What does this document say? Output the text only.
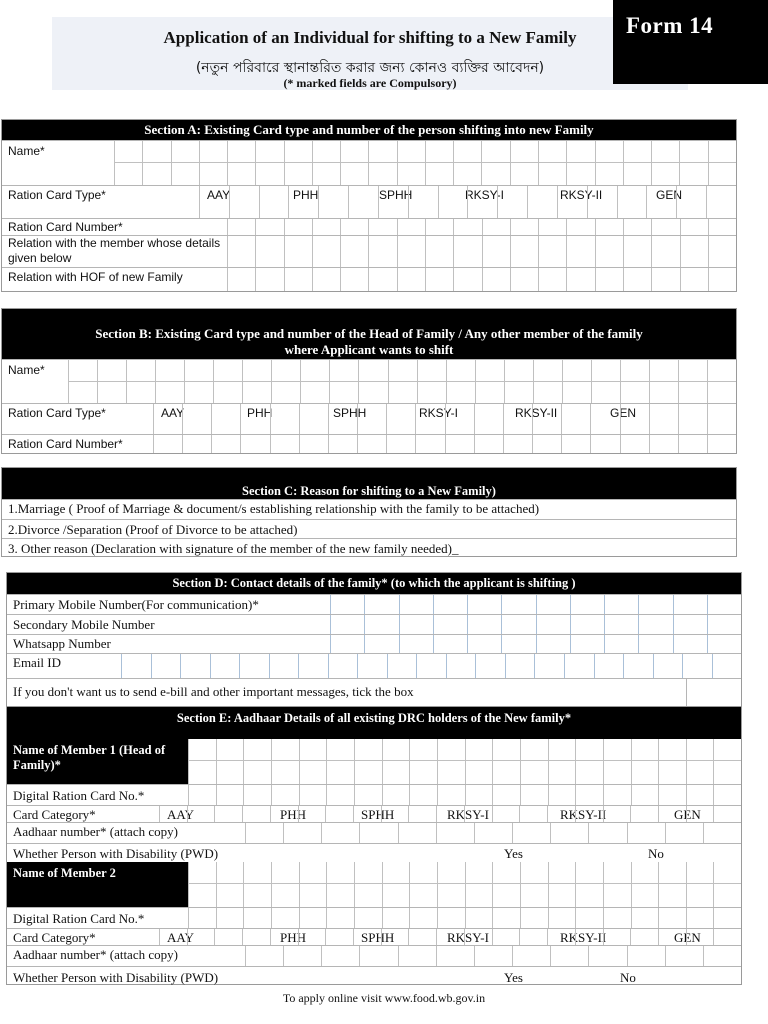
Form 14
Application of an Individual for shifting to a New Family
(নতুন পরিবারে স্থানান্তরিত করার জন্য কোনও ব্যক্তির আবেদন)
(* marked fields are Compulsory)
Section A: Existing Card type and number of the person shifting into new Family
Name*
Ration Card Type*	AAY	PHH	SPHH	RKSY-I	RKSY-II	GEN
Ration Card Number*
Relation with the member whose details given below
Relation with HOF of new Family
Section B: Existing Card type and number of the Head of Family / Any other member of the family
where Applicant wants to shift
Name*
Ration Card Type*	AAY	PHH	SPHH	RKSY-I	RKSY-II	GEN
Ration Card Number*
Section C: Reason for shifting to a New Family)
1.Marriage ( Proof of Marriage & document/s establishing relationship with the family to be attached)
2.Divorce /Separation (Proof of Divorce to be attached)
3. Other reason (Declaration with signature of the member of the new family needed)_
Section D: Contact details of the family* (to which the applicant is shifting )
Primary Mobile Number(For communication)*
Secondary Mobile Number
Whatsapp Number
Email ID
If you don't want us to send e-bill and other important messages, tick the box
Section E: Aadhaar Details of all existing DRC holders of the New family*
Name of Member 1 (Head of Family)*
Digital Ration Card No.*
Card Category*	AAY	PHH	SPHH	RKSY-I	RKSY-II	GEN
Aadhaar number* (attach copy)
Whether Person with Disability (PWD)	Yes	No
Name of Member 2
Digital Ration Card No.*
Card Category*	AAY	PHH	SPHH	RKSY-I	RKSY-II	GEN
Aadhaar number* (attach copy)
Whether Person with Disability (PWD)	Yes	No
To apply online visit www.food.wb.gov.in
